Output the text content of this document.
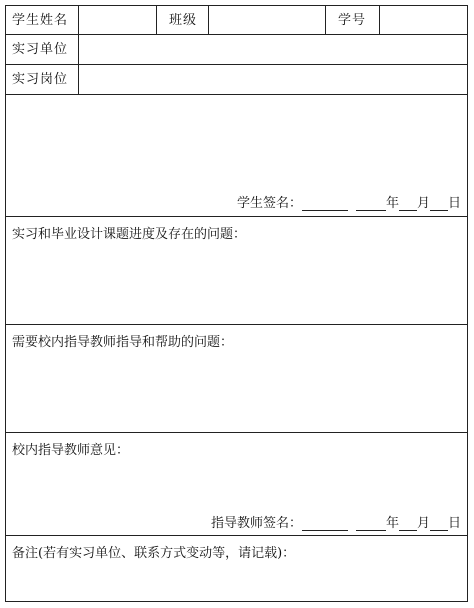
学生姓名	班级	学号
实习单位
实习岗位
学生签名：	年 月 日
实习和毕业设计课题进度及存在的问题：
需要校内指导教师指导和帮助的问题：
校内指导教师意见：
指导教师签名：	年 月 日
备注(若有实习单位、联系方式变动等，请记载)：
